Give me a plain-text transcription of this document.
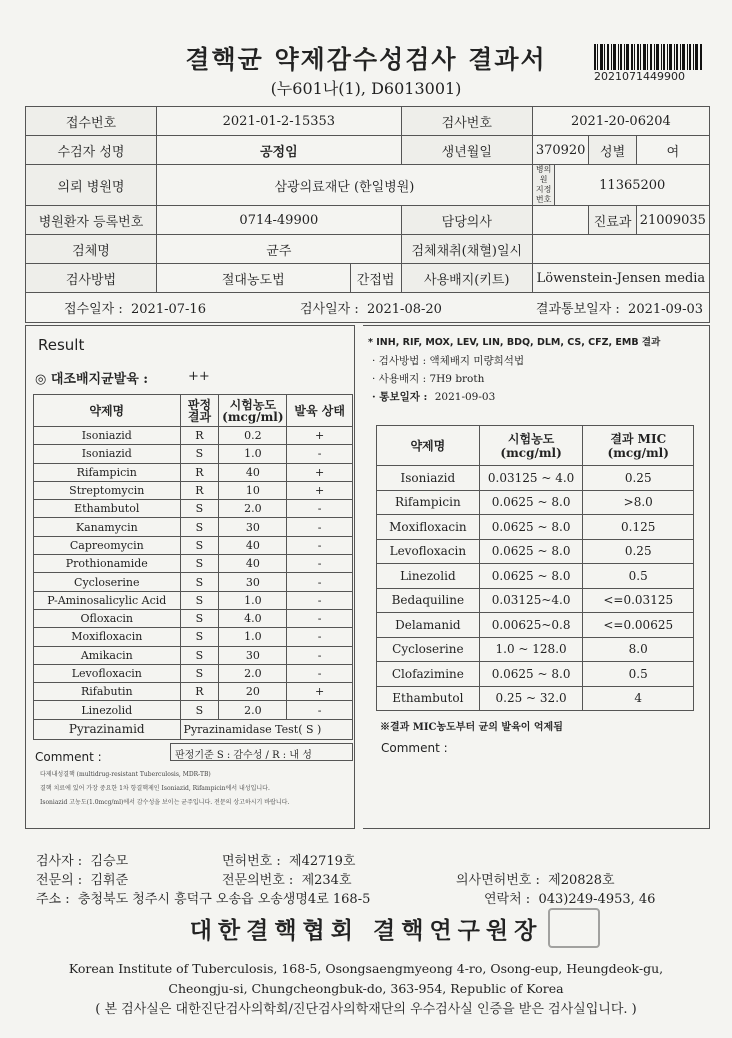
결핵균 약제감수성검사 결과서
(누601나(1), D6013001)
2021071449900
접수번호	2021-01-2-15353		검사번호	2021-20-06204			
수검자 성명	공정임		생년월일	370920		성별	여
의뢰 병원명	삼광의료재단 (한일병원)			병의원 지정번호	11365200		
병원환자 등록번호	0714-49900		담당의사			진료과	21009035
검체명	균주		검체채취(채혈)일시				
검사방법	절대농도법	간접법	사용배지(키트)	Löwenstein-Jensen media			

접수일자 : 2021-07-16 검사일자 : 2021-08-20 결과통보일자 : 2021-09-03							
Result
◎ 대조배지균발육 :	++
약제명	판정 결과	시험농도 (mcg/ml)	발육 상태
Isoniazid	R	0.2	+
Isoniazid	S	1.0	-
Rifampicin	R	40	+
Streptomycin	R	10	+
Ethambutol	S	2.0	-
Kanamycin	S	30	-
Capreomycin	S	40	-
Prothionamide	S	40	-
Cycloserine	S	30	-
P-Aminosalicylic Acid	S	1.0	-
Ofloxacin	S	4.0	-
Moxifloxacin	S	1.0	-
Amikacin	S	30	-
Levofloxacin	S	2.0	-
Rifabutin	R	20	+
Linezolid	S	2.0	-
Pyrazinamid	Pyrazinamidase Test( S )		
Comment :	판정기준 S : 감수성 / R : 내 성
다제내성결핵 (multidrug-resistant Tuberculosis, MDR-TB)
결핵 치료에 있어 가장 중요한 1차 항결핵제인 Isoniazid, Rifampicin에서 내성입니다.
Isoniazid 고농도(1.0mcg/ml)에서 감수성을 보이는 균주입니다. 전문의 상고하시기 바랍니다.
* INH, RIF, MOX, LEV, LIN, BDQ, DLM, CS, CFZ, EMB 결과
· 검사방법 : 액체배지 미량희석법
· 사용배지 : 7H9 broth
· 통보일자 : 2021-09-03
약제명	시험농도 (mcg/ml)	결과 MIC (mcg/ml)
Isoniazid	0.03125 ~ 4.0	0.25
Rifampicin	0.0625 ~ 8.0	>8.0
Moxifloxacin	0.0625 ~ 8.0	0.125
Levofloxacin	0.0625 ~ 8.0	0.25
Linezolid	0.0625 ~ 8.0	0.5
Bedaquiline	0.03125~4.0	<=0.03125
Delamanid	0.00625~0.8	<=0.00625
Cycloserine	1.0 ~ 128.0	8.0
Clofazimine	0.0625 ~ 8.0	0.5
Ethambutol	0.25 ~ 32.0	4
※결과 MIC농도부터 균의 발육이 억제됨
Comment :
검사자 : 김승모	면허번호 : 제42719호
전문의 : 김휘준	전문의번호 : 제234호	의사면허번호 : 제20828호
주소 : 충청북도 청주시 흥덕구 오송읍 오송생명4로 168-5	연락처 : 043)249-4953, 46
대한결핵협회 결핵연구원장
Korean Institute of Tuberculosis, 168-5, Osongsaengmyeong 4-ro, Osong-eup, Heungdeok-gu,
Cheongju-si, Chungcheongbuk-do, 363-954, Republic of Korea
( 본 검사실은 대한진단검사의학회/진단검사의학재단의 우수검사실 인증을 받은 검사실입니다. )
